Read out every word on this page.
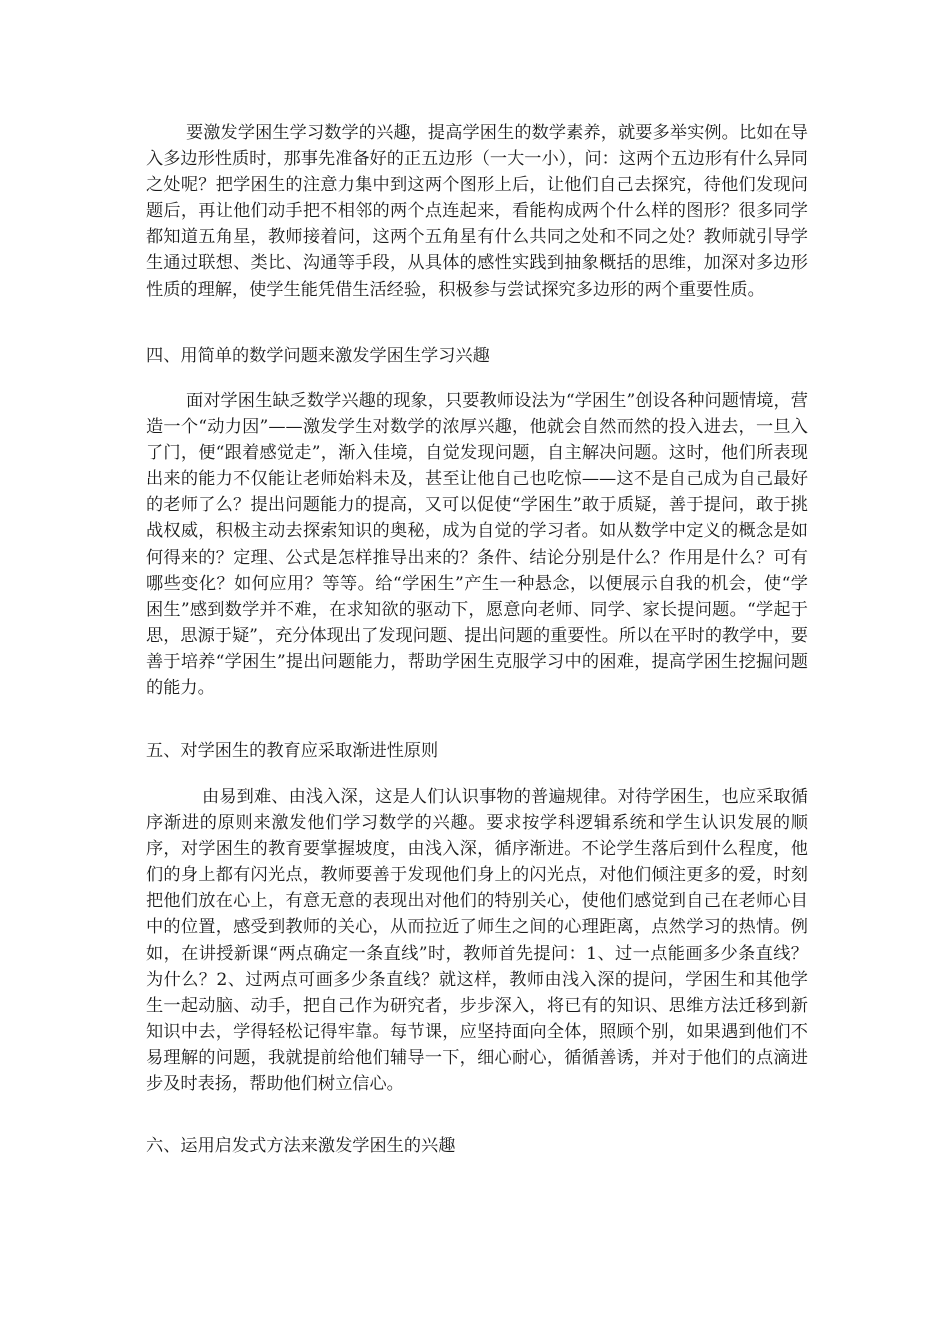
要激发学困生学习数学的兴趣，提高学困生的数学素养，就要多举实例。比如在导入多边形性质时，那事先准备好的正五边形（一大一小），问：这两个五边形有什么异同之处呢？把学困生的注意力集中到这两个图形上后，让他们自己去探究，待他们发现问题后，再让他们动手把不相邻的两个点连起来，看能构成两个什么样的图形？很多同学都知道五角星，教师接着问，这两个五角星有什么共同之处和不同之处？教师就引导学生通过联想、类比、沟通等手段，从具体的感性实践到抽象概括的思维，加深对多边形性质的理解，使学生能凭借生活经验，积极参与尝试探究多边形的两个重要性质。

四、用简单的数学问题来激发学困生学习兴趣

面对学困生缺乏数学兴趣的现象，只要教师设法为“学困生”创设各种问题情境，营造一个“动力因”——激发学生对数学的浓厚兴趣，他就会自然而然的投入进去，一旦入了门，便“跟着感觉走”，渐入佳境，自觉发现问题，自主解决问题。这时，他们所表现出来的能力不仅能让老师始料未及，甚至让他自己也吃惊——这不是自己成为自己最好的老师了么？提出问题能力的提高，又可以促使“学困生”敢于质疑，善于提问，敢于挑战权威，积极主动去探索知识的奥秘，成为自觉的学习者。如从数学中定义的概念是如何得来的？定理、公式是怎样推导出来的？条件、结论分别是什么？作用是什么？可有哪些变化？如何应用？等等。给“学困生”产生一种悬念，以便展示自我的机会，使“学困生”感到数学并不难，在求知欲的驱动下，愿意向老师、同学、家长提问题。“学起于思，思源于疑”，充分体现出了发现问题、提出问题的重要性。所以在平时的教学中，要善于培养“学困生”提出问题能力，帮助学困生克服学习中的困难，提高学困生挖掘问题的能力。

五、对学困生的教育应采取渐进性原则

由易到难、由浅入深，这是人们认识事物的普遍规律。对待学困生，也应采取循序渐进的原则来激发他们学习数学的兴趣。要求按学科逻辑系统和学生认识发展的顺序，对学困生的教育要掌握坡度，由浅入深，循序渐进。不论学生落后到什么程度，他们的身上都有闪光点，教师要善于发现他们身上的闪光点，对他们倾注更多的爱，时刻把他们放在心上，有意无意的表现出对他们的特别关心，使他们感觉到自己在老师心目中的位置，感受到教师的关心，从而拉近了师生之间的心理距离，点然学习的热情。例如，在讲授新课“两点确定一条直线”时，教师首先提问：1、过一点能画多少条直线？为什么？2、过两点可画多少条直线？就这样，教师由浅入深的提问，学困生和其他学生一起动脑、动手，把自己作为研究者，步步深入，将已有的知识、思维方法迁移到新知识中去，学得轻松记得牢靠。每节课，应坚持面向全体，照顾个别，如果遇到他们不易理解的问题，我就提前给他们辅导一下，细心耐心，循循善诱，并对于他们的点滴进步及时表扬，帮助他们树立信心。

六、运用启发式方法来激发学困生的兴趣
